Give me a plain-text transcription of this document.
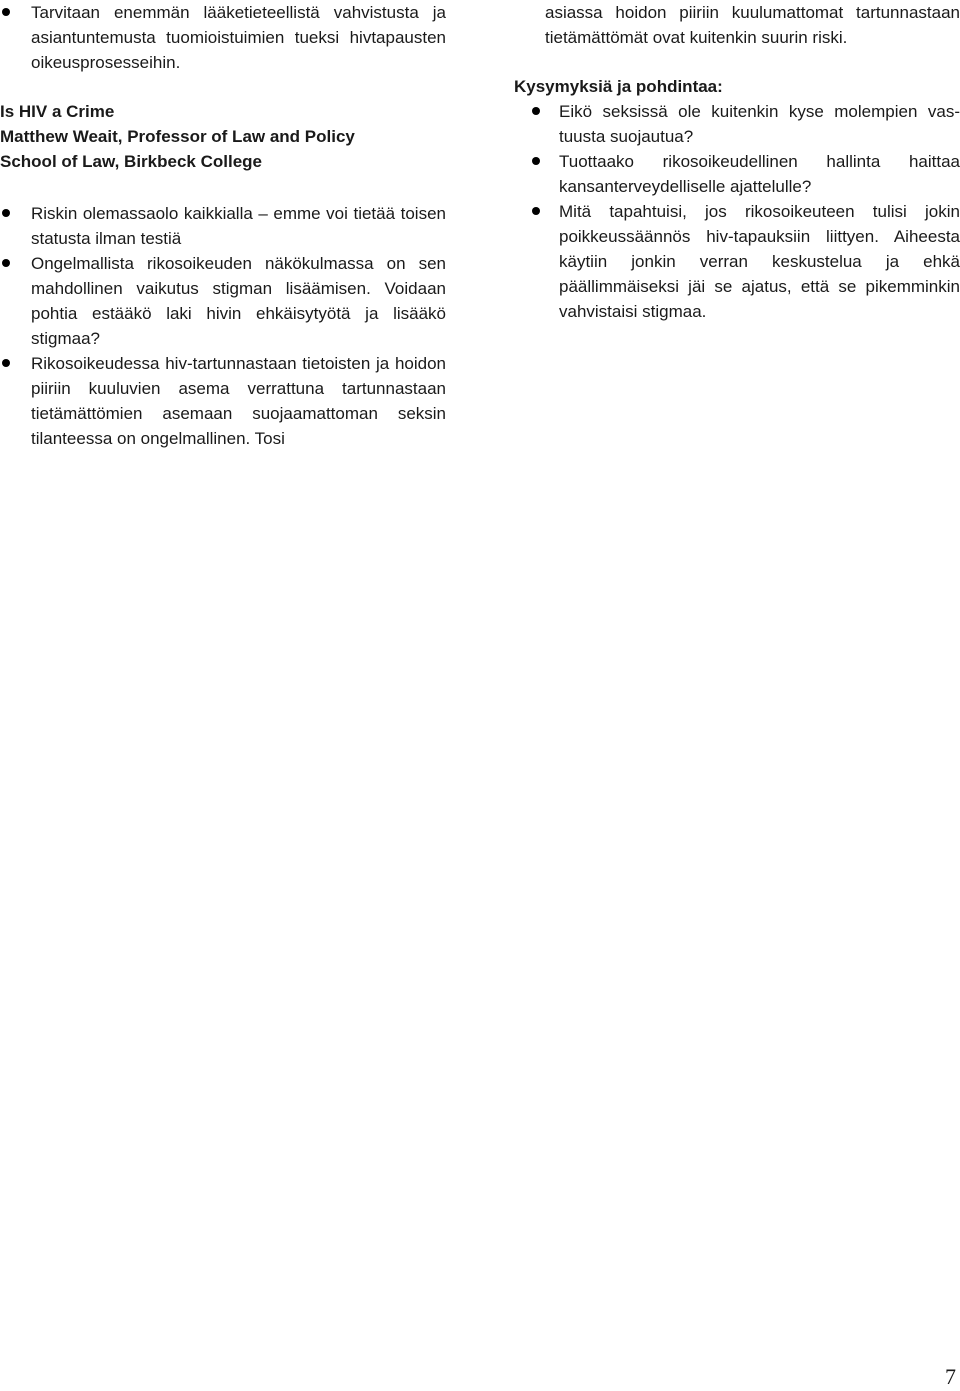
Tarvitaan enemmän lääketieteellistä vahvistusta ja asiantuntemusta tuomioistuimien tueksi hivtapausten oikeusprosesseihin.

Is HIV a Crime

Matthew Weait, Professor of Law and Policy

School of Law, Birkbeck College

Riskin olemassaolo kaikkialla – emme voi tietää toisen statusta ilman testiä
Ongelmallista rikosoikeuden näkökulmassa on sen mahdollinen vaikutus stigman lisäämisen. Voidaan pohtia estääkö laki hivin ehkäisytyötä ja lisääkö stigmaa?
Rikosoikeudessa hiv-tartunnastaan tietoisten ja hoidon piiriin kuuluvien asema verrattuna tartunnastaan tietämättömien asemaan suojaamattoman seksin tilanteessa on ongelmallinen. Tosi

asiassa hoidon piiriin kuulumattomat tartunnastaan tietämättömät ovat kuitenkin suurin riski.

Kysymyksiä ja pohdintaa:

Eikö seksissä ole kuitenkin kyse molempien vastuusta suojautua?
Tuottaako rikosoikeudellinen hallinta haittaa kansanterveydelliselle ajattelulle?
Mitä tapahtuisi, jos rikosoikeuteen tulisi jokin poikkeussäännös hiv-tapauksiin liittyen. Aiheesta käytiin jonkin verran keskustelua ja ehkä päällimmäiseksi jäi se ajatus, että se pikemminkin vahvistaisi stigmaa.
7
